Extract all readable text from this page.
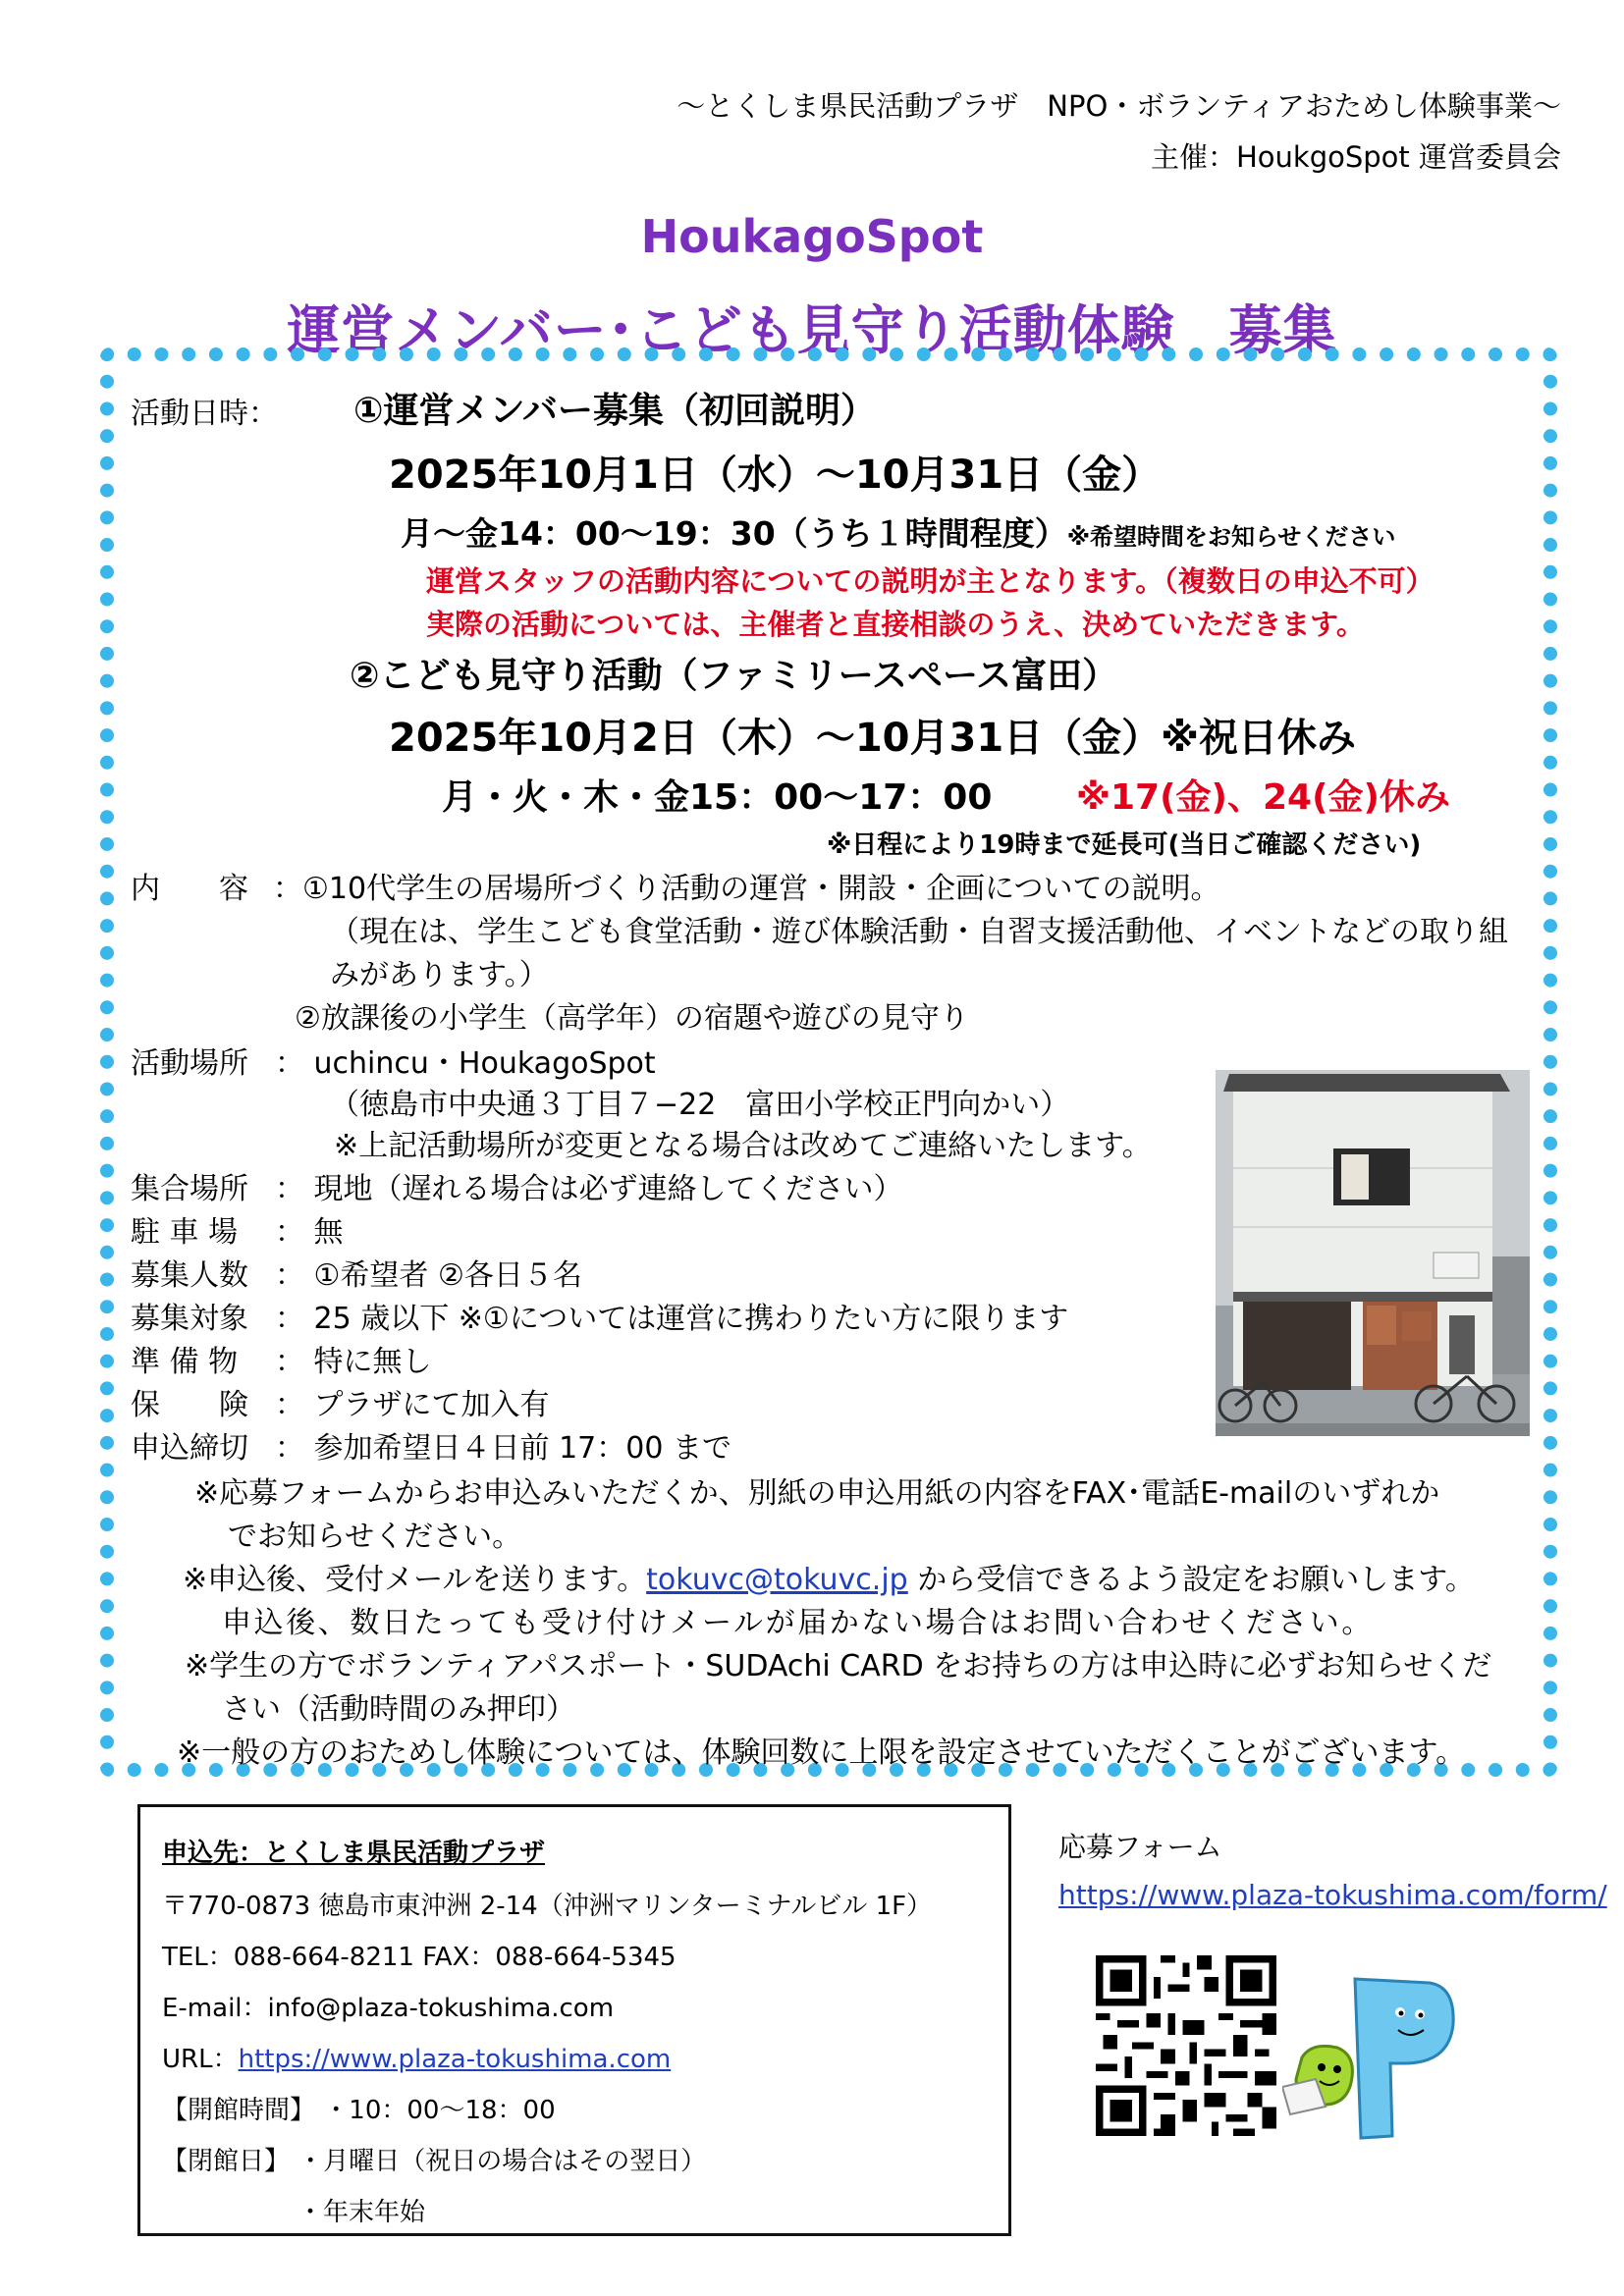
～とくしま県民活動プラザ　NPO・ボランティアおためし体験事業～
主催：HoukgoSpot 運営委員会
HoukagoSpot
運営メンバー･こども見守り活動体験　募集
活動日時： ①運営メンバー募集（初回説明）
2025年10月1日（水）～10月31日（金）
月～金14：00～19：30（うち１時間程度）※希望時間をお知らせください
運営スタッフの活動内容についての説明が主となります。（複数日の申込不可）
実際の活動については、主催者と直接相談のうえ、決めていただきます。
②こども見守り活動（ファミリースペース富田）
2025年10月2日（木）～10月31日（金）※祝日休み
月・火・木・金15：00～17：00 ※17(金)、24(金)休み
※日程により19時まで延長可(当日ご確認ください)
内　　容 ：①10代学生の居場所づくり活動の運営・開設・企画についての説明。
（現在は、学生こども食堂活動・遊び体験活動・自習支援活動他、イベントなどの取り組
みがあります。）
②放課後の小学生（高学年）の宿題や遊びの見守り
活動場所 ： uchincu・HoukagoSpot
（徳島市中央通３丁目７−22　富田小学校正門向かい）
※上記活動場所が変更となる場合は改めてご連絡いたします。
集合場所 ： 現地（遅れる場合は必ず連絡してください）
駐 車 場 ： 無
募集人数 ： ①希望者 ②各日５名
募集対象 ： 25 歳以下 ※①については運営に携わりたい方に限ります
準 備 物 ： 特に無し
保　　険 ： プラザにて加入有
申込締切 ： 参加希望日４日前 17：00 まで
※応募フォームからお申込みいただくか、別紙の申込用紙の内容をFAX･電話E-mailのいずれか
でお知らせください。
※申込後、受付メールを送ります。tokuvc@tokuvc.jp から受信できるよう設定をお願いします。
申込後、数日たっても受け付けメールが届かない場合はお問い合わせください。
※学生の方でボランティアパスポート・SUDAchi CARD をお持ちの方は申込時に必ずお知らせくだ
さい（活動時間のみ押印）
※一般の方のおためし体験については、体験回数に上限を設定させていただくことがございます。
申込先：とくしま県民活動プラザ
〒770-0873 徳島市東沖洲 2-14（沖洲マリンターミナルビル 1F）
TEL：088-664-8211 FAX：088-664-5345
E-mail：info@plaza-tokushima.com
URL：https://www.plaza-tokushima.com
【開館時間】 ・10：00～18：00
【閉館日】 ・月曜日（祝日の場合はその翌日）
・年末年始
応募フォーム
https://www.plaza-tokushima.com/form/
